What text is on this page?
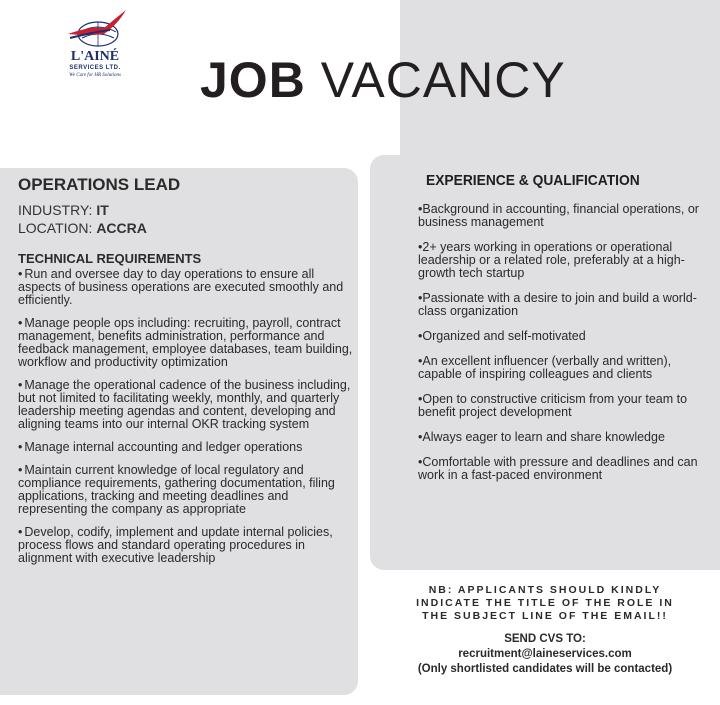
L'AINÉ
SERVICES LTD.
We Care for HR Solutions	JOB VACANCY
OPERATIONS LEAD
INDUSTRY: IT
LOCATION: ACCRA
TECHNICAL REQUIREMENTS
• Run and oversee day to day operations to ensure all aspects of business operations are executed smoothly and efficiently.
• Manage people ops including: recruiting, payroll, contract management, benefits administration, performance and feedback management, employee databases, team building, workflow and productivity optimization
• Manage the operational cadence of the business including, but not limited to facilitating weekly, monthly, and quarterly leadership meeting agendas and content, developing and aligning teams into our internal OKR tracking system
• Manage internal accounting and ledger operations
• Maintain current knowledge of local regulatory and compliance requirements, gathering documentation, filing applications, tracking and meeting deadlines and representing the company as appropriate
• Develop, codify, implement and update internal policies, process flows and standard operating procedures in alignment with executive leadership
EXPERIENCE & QUALIFICATION
•Background in accounting, financial operations, or business management
•2+ years working in operations or operational leadership or a related role, preferably at a high-growth tech startup
•Passionate with a desire to join and build a world-class organization
•Organized and self-motivated
•An excellent influencer (verbally and written), capable of inspiring colleagues and clients
•Open to constructive criticism from your team to benefit project development
•Always eager to learn and share knowledge
•Comfortable with pressure and deadlines and can work in a fast-paced environment
NB: APPLICANTS SHOULD KINDLY
INDICATE THE TITLE OF THE ROLE IN
THE SUBJECT LINE OF THE EMAIL!!
SEND CVS TO:
recruitment@laineservices.com
(Only shortlisted candidates will be contacted)
